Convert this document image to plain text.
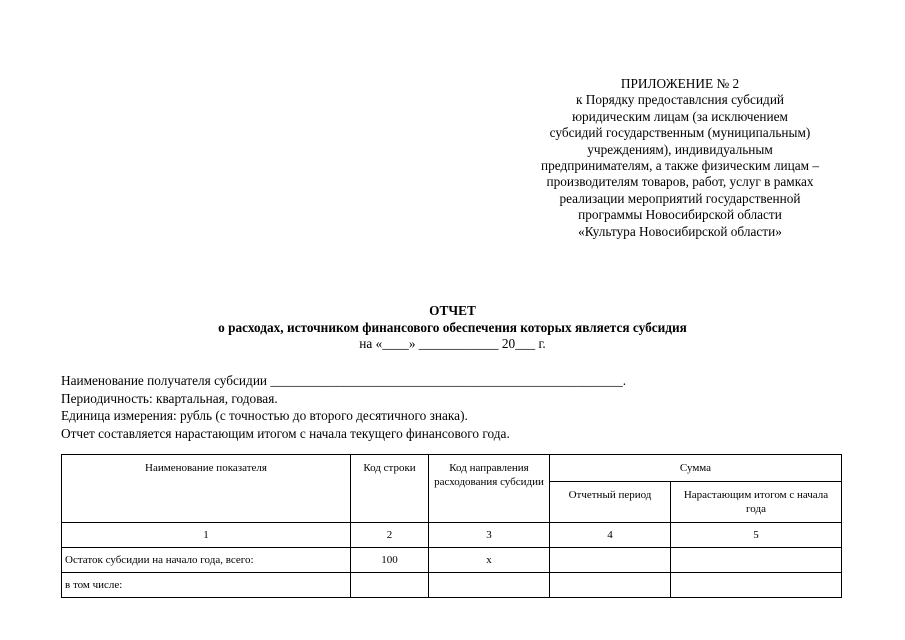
ПРИЛОЖЕНИЕ № 2
к Порядку предоставлсния субсидий
юридическим лицам (за исключением
субсидий государственным (муниципальным)
учреждениям), индивидуальным
предпринимателям, а также физическим лицам –
производителям товаров, работ, услуг в рамках
реализации мероприятий государственной
программы Новосибирской области
«Культура Новосибирской области»
ОТЧЕТ
о расходах, источником финансового обеспечения которых является субсидия
на «____» ____________ 20___ г.
Наименование получателя субсидии _____________________________________________________.
Периодичность: квартальная, годовая.
Единица измерения: рубль (с точностью до второго десятичного знака).
Отчет составляется нарастающим итогом с начала текущего финансового года.
Наименование показателя	Код строки	Код направления расходования субсидии	Сумма	
			Отчетный период	Нарастающим итогом с начала года
1	2	3	4	5
Остаток субсидии на начало года, всего:	100	x		
в том числе:				
